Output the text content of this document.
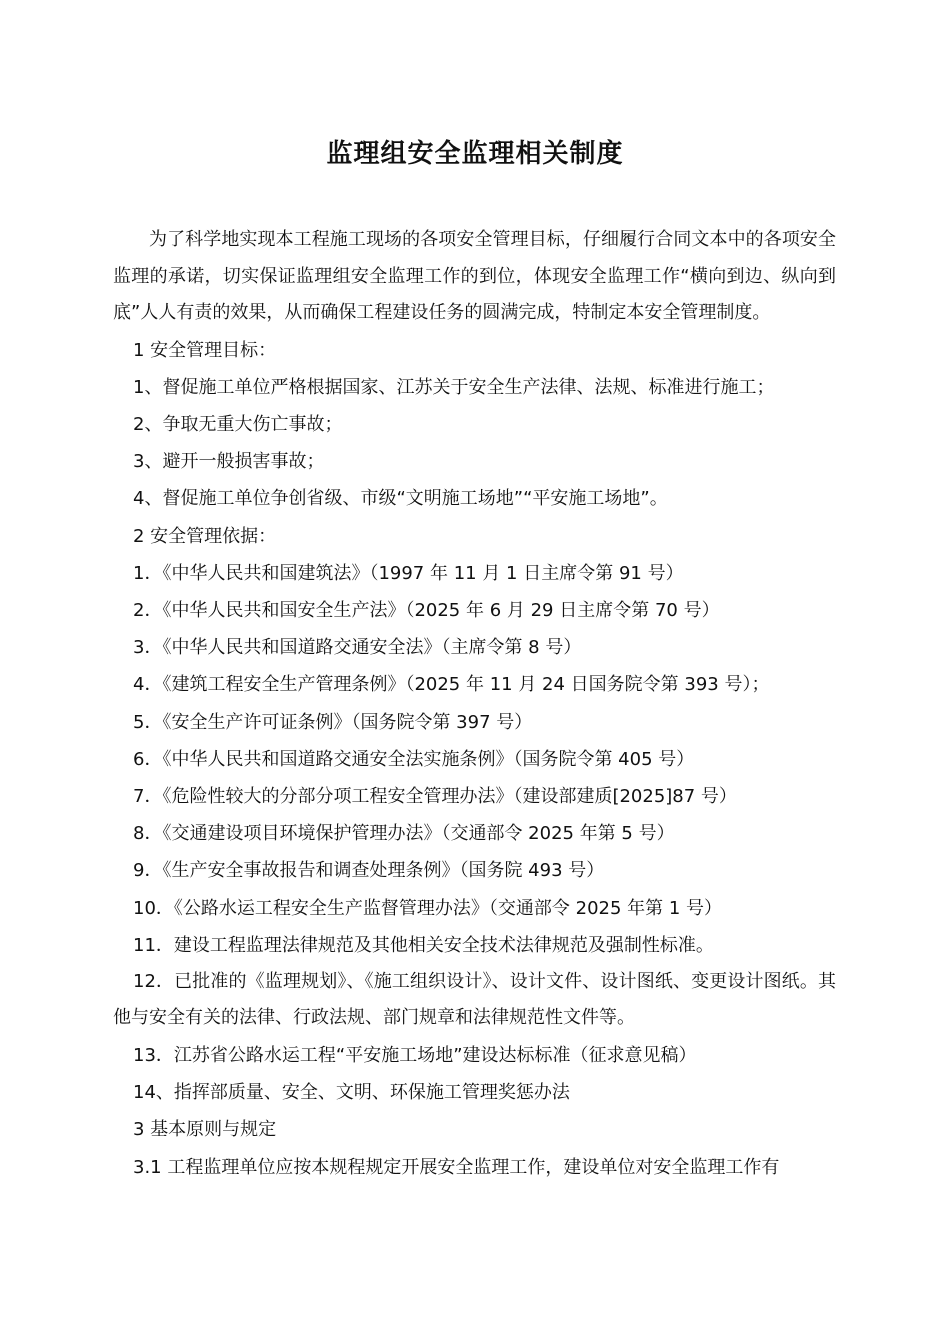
监理组安全监理相关制度

为了科学地实现本工程施工现场的各项安全管理目标，仔细履行合同文本中的各项安全监理的承诺，切实保证监理组安全监理工作的到位，体现安全监理工作“横向到边、纵向到底”人人有责的效果，从而确保工程建设任务的圆满完成，特制定本安全管理制度。

1 安全管理目标：

1、督促施工单位严格根据国家、江苏关于安全生产法律、法规、标准进行施工；

2、争取无重大伤亡事故；

3、避开一般损害事故；

4、督促施工单位争创省级、市级“文明施工场地”“平安施工场地”。

2 安全管理依据：

1．《中华人民共和国建筑法》（1997 年 11 月 1 日主席令第 91 号）

2．《中华人民共和国安全生产法》（2025 年 6 月 29 日主席令第 70 号）

3．《中华人民共和国道路交通安全法》（主席令第 8 号）

4．《建筑工程安全生产管理条例》（2025 年 11 月 24 日国务院令第 393 号）；

5．《安全生产许可证条例》（国务院令第 397 号）

6．《中华人民共和国道路交通安全法实施条例》（国务院令第 405 号）

7．《危险性较大的分部分项工程安全管理办法》（建设部建质[2025]87 号）

8．《交通建设项目环境保护管理办法》（交通部令 2025 年第 5 号）

9．《生产安全事故报告和调查处理条例》（国务院 493 号）

10．《公路水运工程安全生产监督管理办法》（交通部令 2025 年第 1 号）

11．建设工程监理法律规范及其他相关安全技术法律规范及强制性标准。

12．已批准的《监理规划》、《施工组织设计》、设计文件、设计图纸、变更设计图纸。其他与安全有关的法律、行政法规、部门规章和法律规范性文件等。

13．江苏省公路水运工程“平安施工场地”建设达标标准（征求意见稿）

14、指挥部质量、安全、文明、环保施工管理奖惩办法

3 基本原则与规定

3.1 工程监理单位应按本规程规定开展安全监理工作，建设单位对安全监理工作有
